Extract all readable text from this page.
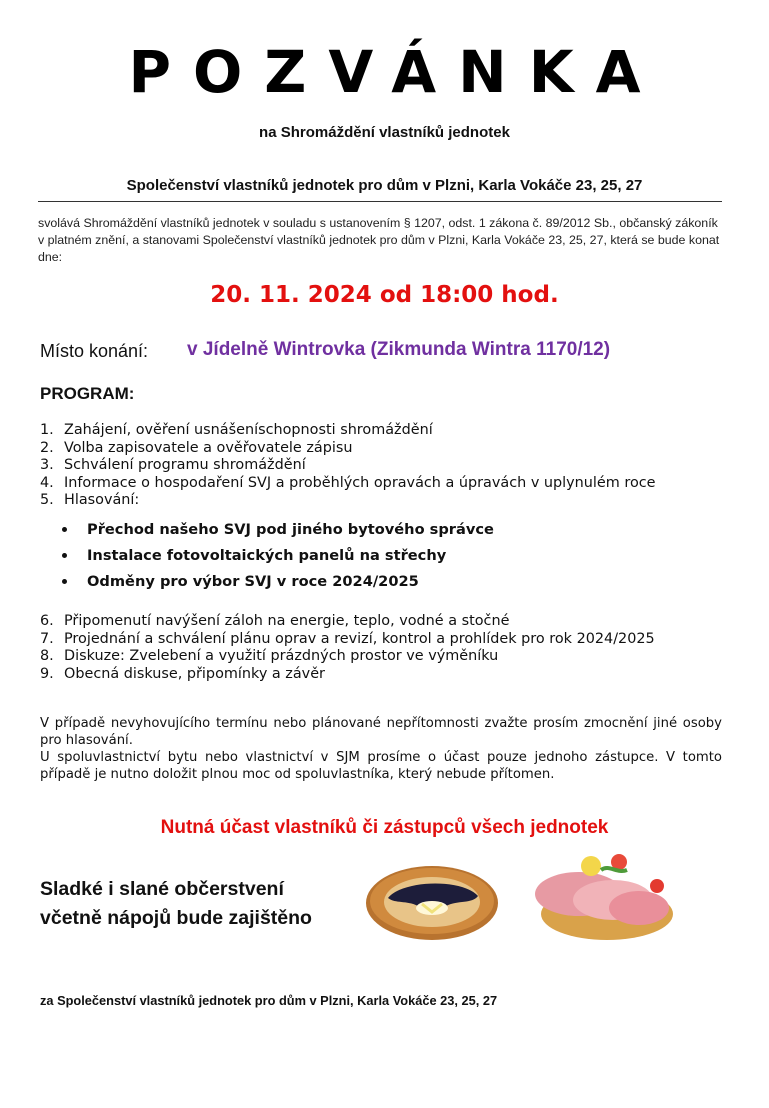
POZVÁNKA
na Shromáždění vlastníků jednotek
Společenství vlastníků jednotek pro dům v Plzni, Karla Vokáče 23, 25, 27
svolává Shromáždění vlastníků jednotek v souladu s ustanovením § 1207, odst. 1 zákona č. 89/2012 Sb., občanský zákoník v platném znění, a stanovami Společenství vlastníků jednotek pro dům v Plzni, Karla Vokáče 23, 25, 27, která se bude konat dne:
20. 11. 2024 od 18:00 hod.
Místo konání: v Jídelně Wintrovka (Zikmunda Wintra 1170/12)
PROGRAM:
1. Zahájení, ověření usnášeníschopnosti shromáždění
2. Volba zapisovatele a ověřovatele zápisu
3. Schválení programu shromáždění
4. Informace o hospodaření SVJ a proběhlých opravách a úpravách v uplynulém roce
5. Hlasování:
Přechod našeho SVJ pod jiného bytového správce
Instalace fotovoltaických panelů na střechy
Odměny pro výbor SVJ v roce 2024/2025
6. Připomenutí navýšení záloh na energie, teplo, vodné a stočné
7. Projednání a schválení plánu oprav a revizí, kontrol a prohlídek pro rok 2024/2025
8. Diskuze: Zvelebení a využití prázdných prostor ve výměníku
9. Obecná diskuse, připomínky a závěr

V případě nevyhovujícího termínu nebo plánované nepřítomnosti zvažte prosím zmocnění jiné osoby pro hlasování.

U spoluvlastnictví bytu nebo vlastnictví v SJM prosíme o účast pouze jednoho zástupce. V tomto případě je nutno doložit plnou moc od spoluvlastníka, který nebude přítomen.

Nutná účast vlastníků či zástupců všech jednotek
Sladké i slané občerstvení
včetně nápojů bude zajištěno
za Společenství vlastníků jednotek pro dům v Plzni, Karla Vokáče 23, 25, 27
